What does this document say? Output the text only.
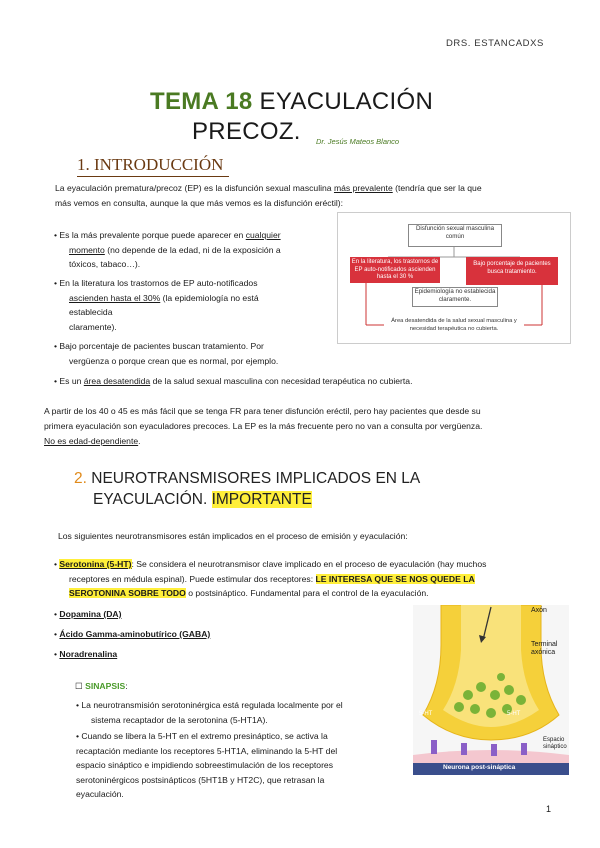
DRS. ESTANCADXS
TEMA 18 EYACULACIÓN
PRECOZ. Dr. Jesús Mateos Blanco
1. INTRODUCCIÓN
La eyaculación prematura/precoz (EP) es la disfunción sexual masculina más prevalente (tendría que ser la que
más vemos en consulta, aunque la que más vemos es la disfunción eréctil):
• Es la más prevalente porque puede aparecer en cualquier
momento (no depende de la edad, ni de la exposición a
tóxicos, tabaco…).
• En la literatura los trastornos de EP auto-notificados
ascienden hasta el 30% (la epidemiología no está
establecida
claramente).
• Bajo porcentaje de pacientes buscan tratamiento. Por
vergüenza o porque crean que es normal, por ejemplo.
• Es un área desatendida de la salud sexual masculina con necesidad terapéutica no cubierta.
A partir de los 40 o 45 es más fácil que se tenga FR para tener disfunción eréctil, pero hay pacientes que desde su
primera eyaculación son eyaculadores precoces. La EP es la más frecuente pero no van a consulta por vergüenza.
No es edad-dependiente.
Disfunción sexual masculina común
En la literatura, los trastornos de EP auto-notificados ascienden hasta el 30 %
Bajo porcentaje de pacientes busca tratamiento.
Epidemiología no establecida claramente.
Área desatendida de la salud sexual masculina y necesidad terapéutica no cubierta.
2. NEUROTRANSMISORES IMPLICADOS EN LA
EYACULACIÓN. IMPORTANTE
Los siguientes neurotransmisores están implicados en el proceso de emisión y eyaculación:
• Serotonina (5-HT): Se considera el neurotransmisor clave implicado en el proceso de eyaculación (hay muchos
receptores en médula espinal). Puede estimular dos receptores: LE INTERESA QUE SE NOS QUEDE LA
SEROTONINA SOBRE TODO o postsináptico. Fundamental para el control de la eyaculación.
• Dopamina (DA)
• Ácido Gamma-aminobutírico (GABA)
• Noradrenalina
☐ SINAPSIS:
• La neurotransmisión serotoninérgica está regulada localmente por el
sistema recaptador de la serotonina (5-HT1A).
• Cuando se libera la 5-HT en el extremo presináptico, se activa la
recaptación mediante los receptores 5-HT1A, eliminando la 5-HT del
espacio sináptico e impidiendo sobreestimulación de los receptores
serotoninérgicos postsinápticos (5HT1B y HT2C), que retrasan la
eyaculación.
Axón
Terminal
axónica
5-HT	5-HT
Espacio
sináptico
Neurona post-sináptica
1
